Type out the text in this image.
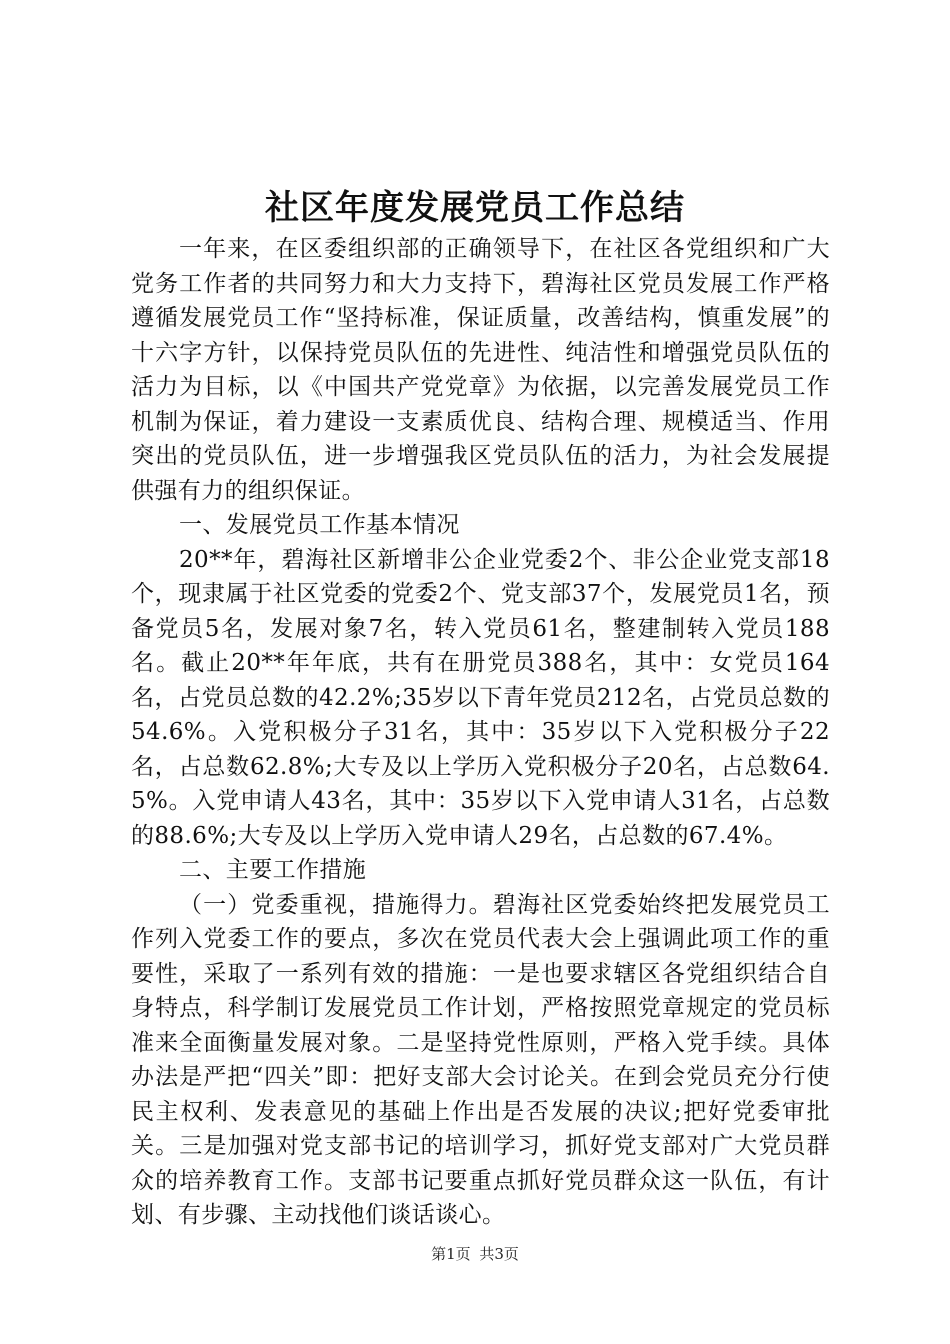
社区年度发展党员工作总结

一年来，在区委组织部的正确领导下，在社区各党组织和广大党务工作者的共同努力和大力支持下，碧海社区党员发展工作严格遵循发展党员工作“坚持标准，保证质量，改善结构，慎重发展”的十六字方针，以保持党员队伍的先进性、纯洁性和增强党员队伍的活力为目标，以《中国共产党党章》为依据，以完善发展党员工作机制为保证，着力建设一支素质优良、结构合理、规模适当、作用突出的党员队伍，进一步增强我区党员队伍的活力，为社会发展提供强有力的组织保证。

一、发展党员工作基本情况

20**年，碧海社区新增非公企业党委2个、非公企业党支部18个，现隶属于社区党委的党委2个、党支部37个，发展党员1名，预备党员5名，发展对象7名，转入党员61名，整建制转入党员188名。截止20**年年底，共有在册党员388名，其中：女党员164名，占党员总数的42.2%;35岁以下青年党员212名，占党员总数的54.6%。入党积极分子31名，其中：35岁以下入党积极分子22名，占总数62.8%;大专及以上学历入党积极分子20名，占总数64.5%。入党申请人43名，其中：35岁以下入党申请人31名，占总数的88.6%;大专及以上学历入党申请人29名，占总数的67.4%。

二、主要工作措施

（一）党委重视，措施得力。碧海社区党委始终把发展党员工作列入党委工作的要点，多次在党员代表大会上强调此项工作的重要性，采取了一系列有效的措施：一是也要求辖区各党组织结合自身特点，科学制订发展党员工作计划，严格按照党章规定的党员标准来全面衡量发展对象。二是坚持党性原则，严格入党手续。具体办法是严把“四关”即：把好支部大会讨论关。在到会党员充分行使民主权利、发表意见的基础上作出是否发展的决议;把好党委审批关。三是加强对党支部书记的培训学习，抓好党支部对广大党员群众的培养教育工作。支部书记要重点抓好党员群众这一队伍，有计划、有步骤、主动找他们谈话谈心。

第1页 共3页
